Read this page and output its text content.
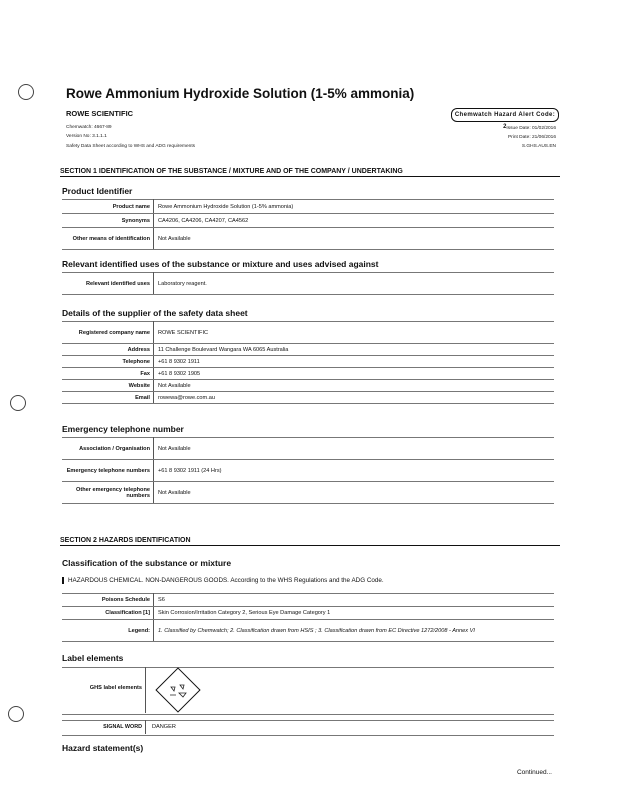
Rowe Ammonium Hydroxide Solution (1-5% ammonia)
ROWE SCIENTIFIC
Chemwatch: 4667-89
Version No: 3.1.1.1
Safety Data Sheet according to WHS and ADG requirements
Chemwatch Hazard Alert Code: 2 Issue Date: 01/02/2016
Print Date: 21/06/2016
S.GHS.AUS.EN
SECTION 1 IDENTIFICATION OF THE SUBSTANCE / MIXTURE AND OF THE COMPANY / UNDERTAKING
Product Identifier
Product name	Rowe Ammonium Hydroxide Solution (1-5% ammonia)
Synonyms	CA4206, CA4206, CA4207, CA4562
Other means of identification	Not Available
Relevant identified uses of the substance or mixture and uses advised against
Relevant identified uses	Laboratory reagent.
Details of the supplier of the safety data sheet
Registered company name	ROWE SCIENTIFIC
Address	11 Challenge Boulevard Wangara WA 6065 Australia
Telephone	+61 8 9302 1911
Fax	+61 8 9302 1905
Website	Not Available
Email	rowewa@rowe.com.au
Emergency telephone number
Association / Organisation	Not Available
Emergency telephone numbers	+61 8 9302 1911 (24 Hrs)
Other emergency telephone numbers	Not Available
SECTION 2 HAZARDS IDENTIFICATION
Classification of the substance or mixture
HAZARDOUS CHEMICAL. NON-DANGEROUS GOODS. According to the WHS Regulations and the ADG Code.
Poisons Schedule	S6
Classification [1]	Skin Corrosion/Irritation Category 2, Serious Eye Damage Category 1
Legend:	1. Classified by Chemwatch; 2. Classification drawn from HSIS ; 3. Classification drawn from EC Directive 1272/2008 - Annex VI
Label elements
GHS label elements
SIGNAL WORD DANGER
Hazard statement(s)
Continued...
